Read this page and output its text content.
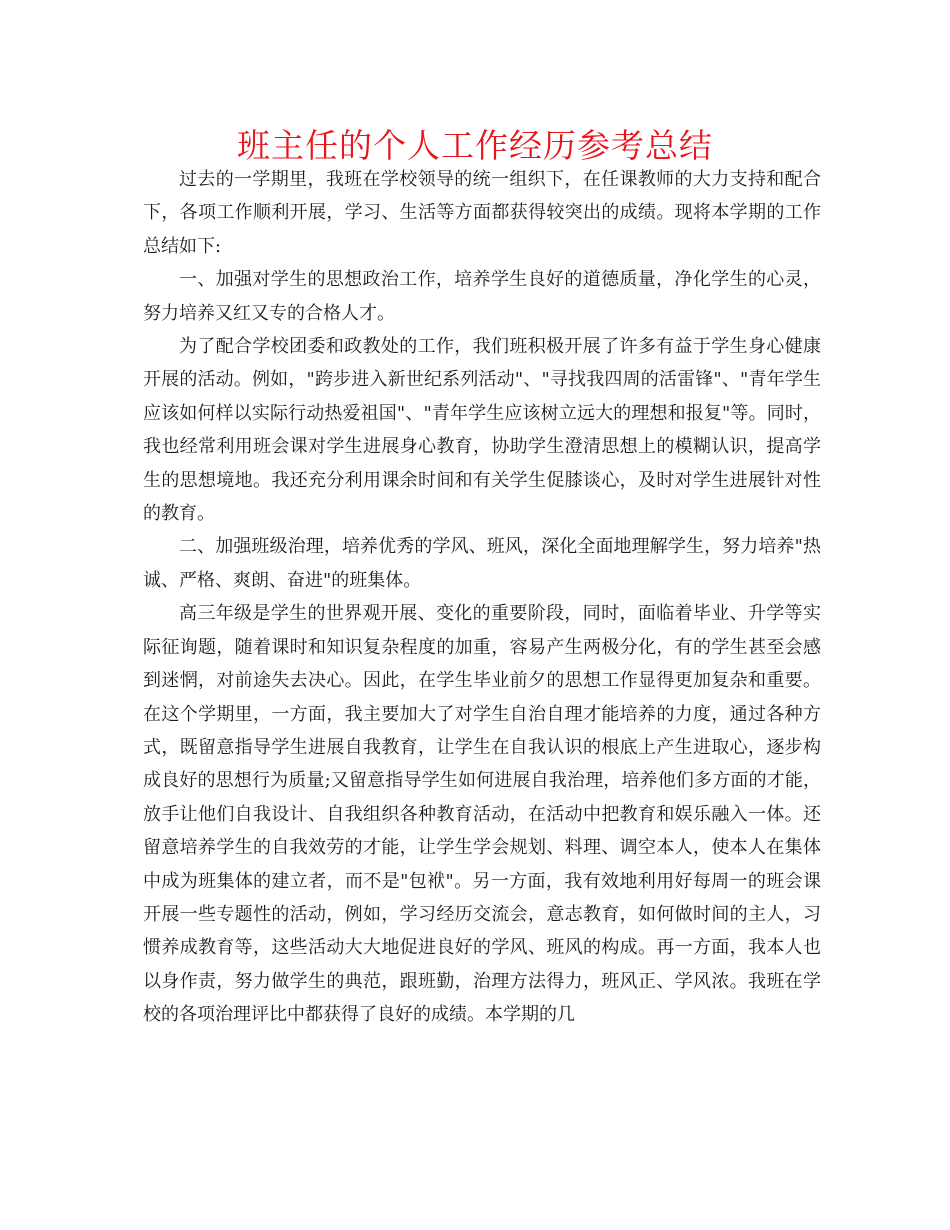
班主任的个人工作经历参考总结

过去的一学期里，我班在学校领导的统一组织下，在任课教师的大力支持和配合下，各项工作顺利开展，学习、生活等方面都获得较突出的成绩。现将本学期的工作总结如下:

一、加强对学生的思想政治工作，培养学生良好的道德质量，净化学生的心灵，努力培养又红又专的合格人才。

为了配合学校团委和政教处的工作，我们班积极开展了许多有益于学生身心健康开展的活动。例如，"跨步进入新世纪系列活动"、"寻找我四周的活雷锋"、"青年学生应该如何样以实际行动热爱祖国"、"青年学生应该树立远大的理想和报复"等。同时，我也经常利用班会课对学生进展身心教育，协助学生澄清思想上的模糊认识，提高学生的思想境地。我还充分利用课余时间和有关学生促膝谈心，及时对学生进展针对性的教育。

二、加强班级治理，培养优秀的学风、班风，深化全面地理解学生，努力培养"热诚、严格、爽朗、奋进"的班集体。

高三年级是学生的世界观开展、变化的重要阶段，同时，面临着毕业、升学等实际征询题，随着课时和知识复杂程度的加重，容易产生两极分化，有的学生甚至会感到迷惘，对前途失去决心。因此，在学生毕业前夕的思想工作显得更加复杂和重要。在这个学期里，一方面，我主要加大了对学生自治自理才能培养的力度，通过各种方式，既留意指导学生进展自我教育，让学生在自我认识的根底上产生进取心，逐步构成良好的思想行为质量;又留意指导学生如何进展自我治理，培养他们多方面的才能，放手让他们自我设计、自我组织各种教育活动，在活动中把教育和娱乐融入一体。还留意培养学生的自我效劳的才能，让学生学会规划、料理、调空本人，使本人在集体中成为班集体的建立者，而不是"包袱"。另一方面，我有效地利用好每周一的班会课开展一些专题性的活动，例如，学习经历交流会，意志教育，如何做时间的主人，习惯养成教育等，这些活动大大地促进良好的学风、班风的构成。再一方面，我本人也以身作责，努力做学生的典范，跟班勤，治理方法得力，班风正、学风浓。我班在学校的各项治理评比中都获得了良好的成绩。本学期的几
